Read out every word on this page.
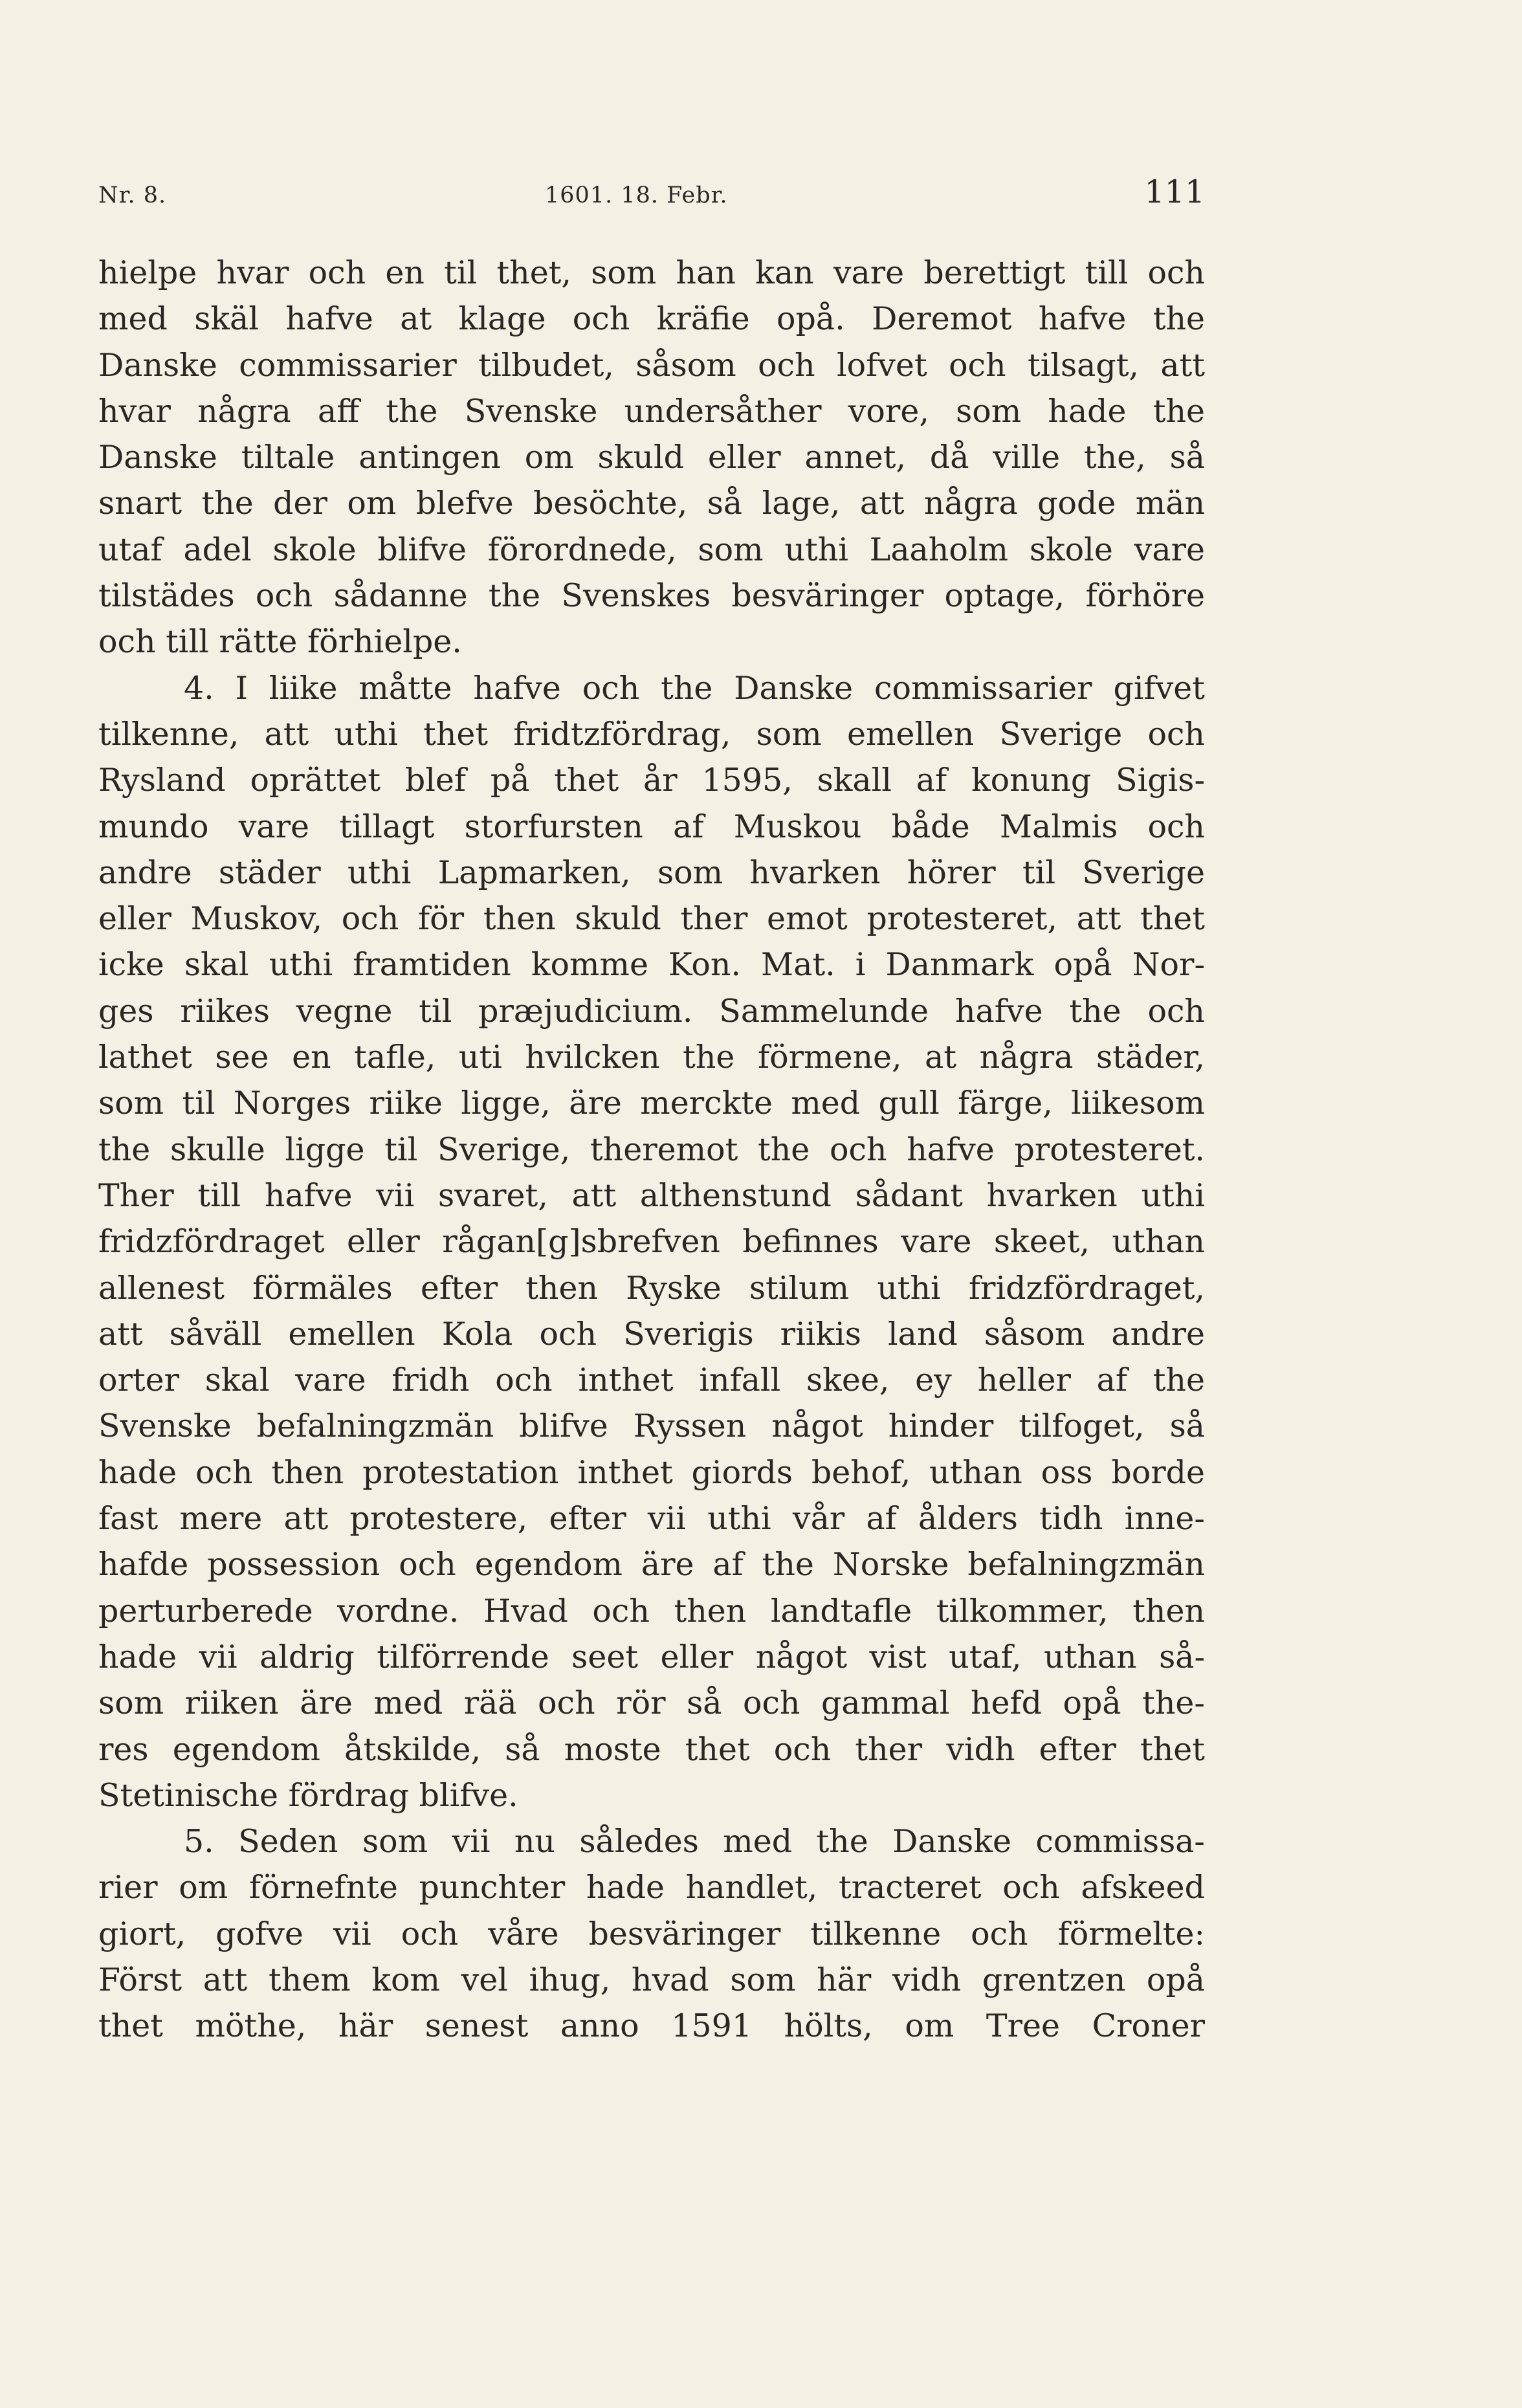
Nr. 8.	1601. 18. Febr.	111
hielpe hvar och en til thet, som han kan vare berettigt till och
med skäl hafve at klage och kräfie opå. Deremot hafve the
Danske commissarier tilbudet, såsom och lofvet och tilsagt, att
hvar några aff the Svenske undersåther vore, som hade the
Danske tiltale antingen om skuld eller annet, då ville the, så
snart the der om blefve besöchte, så lage, att några gode män
utaf adel skole blifve förordnede, som uthi Laaholm skole vare
tilstädes och sådanne the Svenskes besväringer optage, förhöre
och till rätte förhielpe.
4. I liike måtte hafve och the Danske commissarier gifvet
tilkenne, att uthi thet fridtzfördrag, som emellen Sverige och
Rysland oprättet blef på thet år 1595, skall af konung Sigis-
mundo vare tillagt storfursten af Muskou både Malmis och
andre städer uthi Lapmarken, som hvarken hörer til Sverige
eller Muskov, och för then skuld ther emot protesteret, att thet
icke skal uthi framtiden komme Kon. Mat. i Danmark opå Nor-
ges riikes vegne til præjudicium. Sammelunde hafve the och
lathet see en tafle, uti hvilcken the förmene, at några städer,
som til Norges riike ligge, äre merckte med gull färge, liikesom
the skulle ligge til Sverige, theremot the och hafve protesteret.
Ther till hafve vii svaret, att althenstund sådant hvarken uthi
fridzfördraget eller rågan[g]sbrefven befinnes vare skeet, uthan
allenest förmäles efter then Ryske stilum uthi fridzfördraget,
att såväll emellen Kola och Sverigis riikis land såsom andre
orter skal vare fridh och inthet infall skee, ey heller af the
Svenske befalningzmän blifve Ryssen något hinder tilfoget, så
hade och then protestation inthet giords behof, uthan oss borde
fast mere att protestere, efter vii uthi vår af ålders tidh inne-
hafde possession och egendom äre af the Norske befalningzmän
perturberede vordne. Hvad och then landtafle tilkommer, then
hade vii aldrig tilförrende seet eller något vist utaf, uthan så-
som riiken äre med rää och rör så och gammal hefd opå the-
res egendom åtskilde, så moste thet och ther vidh efter thet
Stetinische fördrag blifve.
5. Seden som vii nu således med the Danske commissa-
rier om förnefnte punchter hade handlet, tracteret och afskeed
giort, gofve vii och våre besväringer tilkenne och förmelte:
Först att them kom vel ihug, hvad som här vidh grentzen opå
thet möthe, här senest anno 1591 hölts, om Tree Croner
